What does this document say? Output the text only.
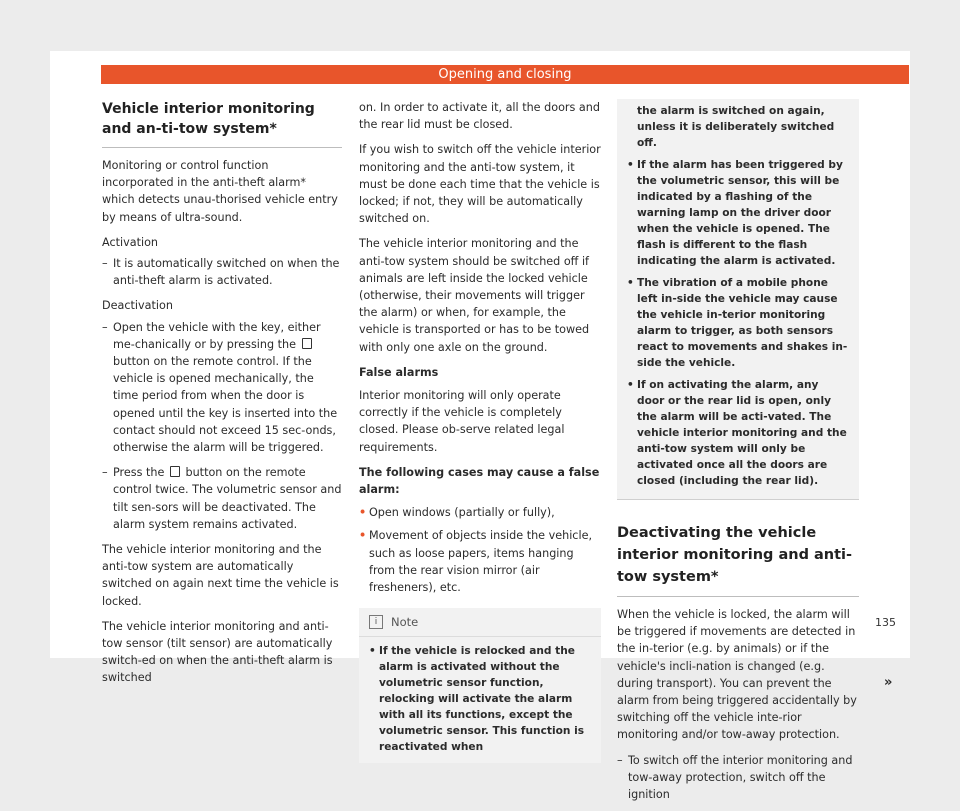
Opening and closing
Vehicle interior monitoring and an-ti-tow system*

Monitoring or control function incorporated in the anti-theft alarm* which detects unau-thorised vehicle entry by means of ultra-sound.

Activation

– It is automatically switched on when the anti-theft alarm is activated.

Deactivation

– Open the vehicle with the key, either me-chanically or by pressing the  button on the remote control. If the vehicle is opened mechanically, the time period from when the door is opened until the key is inserted into the contact should not exceed 15 sec-onds, otherwise the alarm will be triggered.
– Press the button on the remote control twice. The volumetric sensor and tilt sen-sors will be deactivated. The alarm system remains activated.

The vehicle interior monitoring and the anti-tow system are automatically switched on again next time the vehicle is locked.

The vehicle interior monitoring and anti-tow sensor (tilt sensor) are automatically switch-ed on when the anti-theft alarm is switched

on. In order to activate it, all the doors and the rear lid must be closed.

If you wish to switch off the vehicle interior monitoring and the anti-tow system, it must be done each time that the vehicle is locked; if not, they will be automatically switched on.

The vehicle interior monitoring and the anti-tow system should be switched off if animals are left inside the locked vehicle (otherwise, their movements will trigger the alarm) or when, for example, the vehicle is transported or has to be towed with only one axle on the ground.

False alarms

Interior monitoring will only operate correctly if the vehicle is completely closed. Please ob-serve related legal requirements.

The following cases may cause a false alarm:

• Open windows (partially or fully),
• Movement of objects inside the vehicle, such as loose papers, items hanging from the rear vision mirror (air fresheners), etc.
i	Note
• If the vehicle is relocked and the alarm is activated without the volumetric sensor function, relocking will activate the alarm with all its functions, except the volumetric sensor. This function is reactivated when

the alarm is switched on again, unless it is deliberately switched off.

• If the alarm has been triggered by the volumetric sensor, this will be indicated by a flashing of the warning lamp on the driver door when the vehicle is opened. The flash is different to the flash indicating the alarm is activated.
• The vibration of a mobile phone left in-side the vehicle may cause the vehicle in-terior monitoring alarm to trigger, as both sensors react to movements and shakes in-side the vehicle.
• If on activating the alarm, any door or the rear lid is open, only the alarm will be acti-vated. The vehicle interior monitoring and the anti-tow system will only be activated once all the doors are closed (including the rear lid).
Deactivating the vehicle interior monitoring and anti-tow system*

When the vehicle is locked, the alarm will be triggered if movements are detected in the in-terior (e.g. by animals) or if the vehicle's incli-nation is changed (e.g. during transport). You can prevent the alarm from being triggered accidentally by switching off the vehicle inte-rior monitoring and/or tow-away protection.

– To switch off the interior monitoring and tow-away protection, switch off the ignition
»
135
